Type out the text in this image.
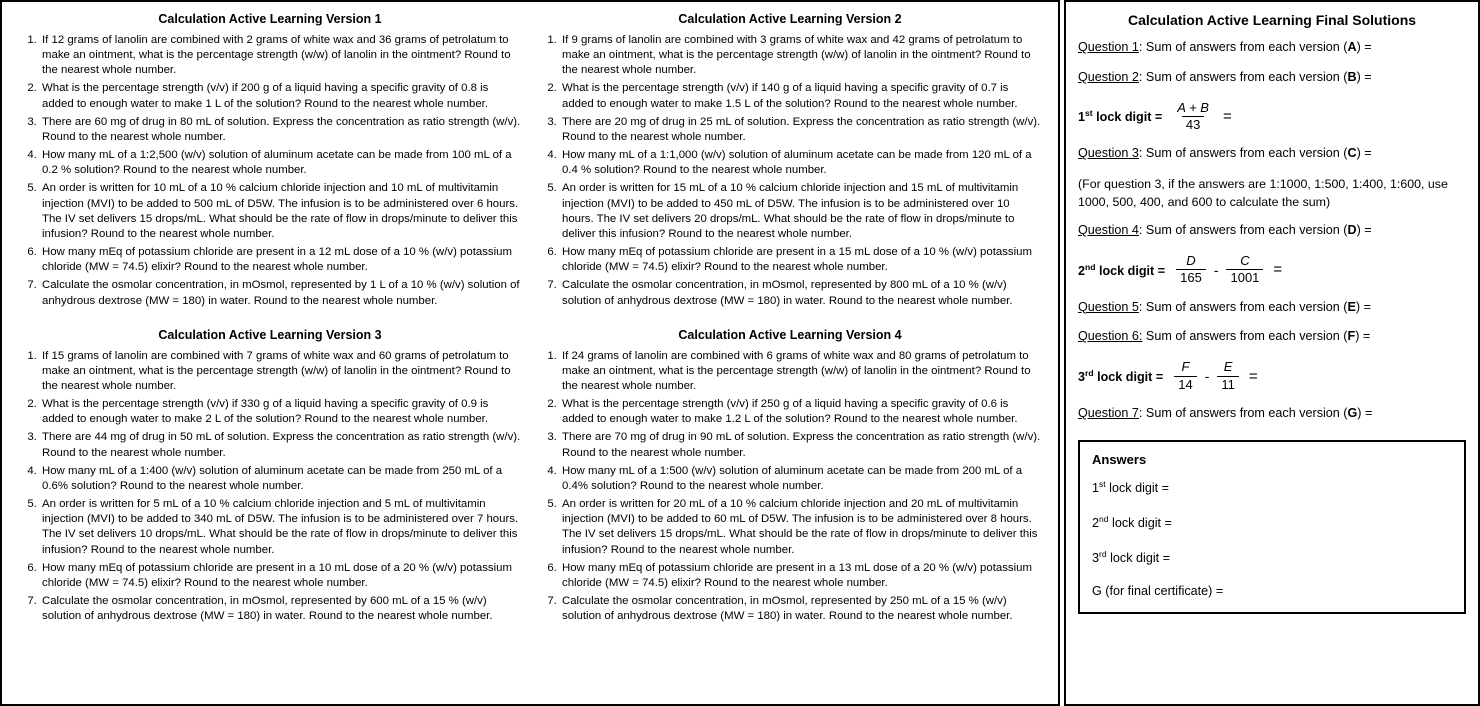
Calculation Active Learning Version 1
1. If 12 grams of lanolin are combined with 2 grams of white wax and 36 grams of petrolatum to make an ointment, what is the percentage strength (w/w) of lanolin in the ointment? Round to the nearest whole number.
2. What is the percentage strength (v/v) if 200 g of a liquid having a specific gravity of 0.8 is added to enough water to make 1 L of the solution? Round to the nearest whole number.
3. There are 60 mg of drug in 80 mL of solution. Express the concentration as ratio strength (w/v). Round to the nearest whole number.
4. How many mL of a 1:2,500 (w/v) solution of aluminum acetate can be made from 100 mL of a 0.2 % solution? Round to the nearest whole number.
5. An order is written for 10 mL of a 10 % calcium chloride injection and 10 mL of multivitamin injection (MVI) to be added to 500 mL of D5W. The infusion is to be administered over 6 hours. The IV set delivers 15 drops/mL. What should be the rate of flow in drops/minute to deliver this infusion? Round to the nearest whole number.
6. How many mEq of potassium chloride are present in a 12 mL dose of a 10 % (w/v) potassium chloride (MW = 74.5) elixir? Round to the nearest whole number.
7. Calculate the osmolar concentration, in mOsmol, represented by 1 L of a 10 % (w/v) solution of anhydrous dextrose (MW = 180) in water. Round to the nearest whole number.
Calculation Active Learning Version 2
1. If 9 grams of lanolin are combined with 3 grams of white wax and 42 grams of petrolatum to make an ointment, what is the percentage strength (w/w) of lanolin in the ointment? Round to the nearest whole number.
2. What is the percentage strength (v/v) if 140 g of a liquid having a specific gravity of 0.7 is added to enough water to make 1.5 L of the solution? Round to the nearest whole number.
3. There are 20 mg of drug in 25 mL of solution. Express the concentration as ratio strength (w/v). Round to the nearest whole number.
4. How many mL of a 1:1,000 (w/v) solution of aluminum acetate can be made from 120 mL of a 0.4 % solution? Round to the nearest whole number.
5. An order is written for 15 mL of a 10 % calcium chloride injection and 15 mL of multivitamin injection (MVI) to be added to 450 mL of D5W. The infusion is to be administered over 10 hours. The IV set delivers 20 drops/mL. What should be the rate of flow in drops/minute to deliver this infusion? Round to the nearest whole number.
6. How many mEq of potassium chloride are present in a 15 mL dose of a 10 % (w/v) potassium chloride (MW = 74.5) elixir? Round to the nearest whole number.
7. Calculate the osmolar concentration, in mOsmol, represented by 800 mL of a 10 % (w/v) solution of anhydrous dextrose (MW = 180) in water. Round to the nearest whole number.
Calculation Active Learning Version 3
1. If 15 grams of lanolin are combined with 7 grams of white wax and 60 grams of petrolatum to make an ointment, what is the percentage strength (w/w) of lanolin in the ointment? Round to the nearest whole number.
2. What is the percentage strength (v/v) if 330 g of a liquid having a specific gravity of 0.9 is added to enough water to make 2 L of the solution? Round to the nearest whole number.
3. There are 44 mg of drug in 50 mL of solution. Express the concentration as ratio strength (w/v). Round to the nearest whole number.
4. How many mL of a 1:400 (w/v) solution of aluminum acetate can be made from 250 mL of a 0.6% solution? Round to the nearest whole number.
5. An order is written for 5 mL of a 10 % calcium chloride injection and 5 mL of multivitamin injection (MVI) to be added to 340 mL of D5W. The infusion is to be administered over 7 hours. The IV set delivers 10 drops/mL. What should be the rate of flow in drops/minute to deliver this infusion? Round to the nearest whole number.
6. How many mEq of potassium chloride are present in a 10 mL dose of a 20 % (w/v) potassium chloride (MW = 74.5) elixir? Round to the nearest whole number.
7. Calculate the osmolar concentration, in mOsmol, represented by 600 mL of a 15 % (w/v) solution of anhydrous dextrose (MW = 180) in water. Round to the nearest whole number.
Calculation Active Learning Version 4
1. If 24 grams of lanolin are combined with 6 grams of white wax and 80 grams of petrolatum to make an ointment, what is the percentage strength (w/w) of lanolin in the ointment? Round to the nearest whole number.
2. What is the percentage strength (v/v) if 250 g of a liquid having a specific gravity of 0.6 is added to enough water to make 1.2 L of the solution? Round to the nearest whole number.
3. There are 70 mg of drug in 90 mL of solution. Express the concentration as ratio strength (w/v). Round to the nearest whole number.
4. How many mL of a 1:500 (w/v) solution of aluminum acetate can be made from 200 mL of a 0.4% solution? Round to the nearest whole number.
5. An order is written for 20 mL of a 10 % calcium chloride injection and 20 mL of multivitamin injection (MVI) to be added to 60 mL of D5W. The infusion is to be administered over 8 hours. The IV set delivers 15 drops/mL. What should be the rate of flow in drops/minute to deliver this infusion? Round to the nearest whole number.
6. How many mEq of potassium chloride are present in a 13 mL dose of a 20 % (w/v) potassium chloride (MW = 74.5) elixir? Round to the nearest whole number.
7. Calculate the osmolar concentration, in mOsmol, represented by 250 mL of a 15 % (w/v) solution of anhydrous dextrose (MW = 180) in water. Round to the nearest whole number.
Calculation Active Learning Final Solutions
Question 1: Sum of answers from each version (A) =
Question 2: Sum of answers from each version (B) =
1st lock digit = $\frac{A + B}{43}$ =
Question 3: Sum of answers from each version (C) =
(For question 3, if the answers are 1:1000, 1:500, 1:400, 1:600, use 1000, 500, 400, and 600 to calculate the sum)
Question 4: Sum of answers from each version (D) =
2nd lock digit = $\frac{D}{165} - \frac{C}{1001}$ =
Question 5: Sum of answers from each version (E) =
Question 6: Sum of answers from each version (F) =
3rd lock digit = $\frac{F}{14} - \frac{E}{11}$ =
Question 7: Sum of answers from each version (G) =
Answers
1st lock digit =
2nd lock digit =
3rd lock digit =
G (for final certificate) =
